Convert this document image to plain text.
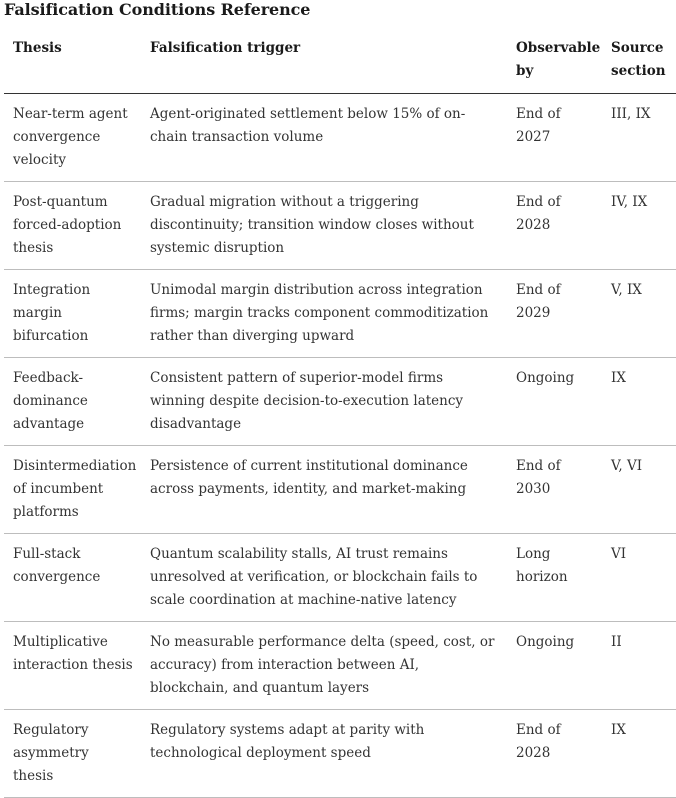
Falsification Conditions Reference
Thesis	Falsification trigger	Observable by	Source section
Near-term agent convergence velocity	Agent-originated settlement below 15% of on-chain transaction volume	End of 2027	III, IX
Post-quantum forced-adoption thesis	Gradual migration without a triggering discontinuity; transition window closes without systemic disruption	End of 2028	IV, IX
Integration margin bifurcation	Unimodal margin distribution across integration firms; margin tracks component commoditization rather than diverging upward	End of 2029	V, IX
Feedback-dominance advantage	Consistent pattern of superior-model firms winning despite decision-to-execution latency disadvantage	Ongoing	IX
Disintermediation of incumbent platforms	Persistence of current institutional dominance across payments, identity, and market-making	End of 2030	V, VI
Full-stack convergence	Quantum scalability stalls, AI trust remains unresolved at verification, or blockchain fails to scale coordination at machine-native latency	Long horizon	VI
Multiplicative interaction thesis	No measurable performance delta (speed, cost, or accuracy) from interaction between AI, blockchain, and quantum layers	Ongoing	II
Regulatory asymmetry thesis	Regulatory systems adapt at parity with technological deployment speed	End of 2028	IX
